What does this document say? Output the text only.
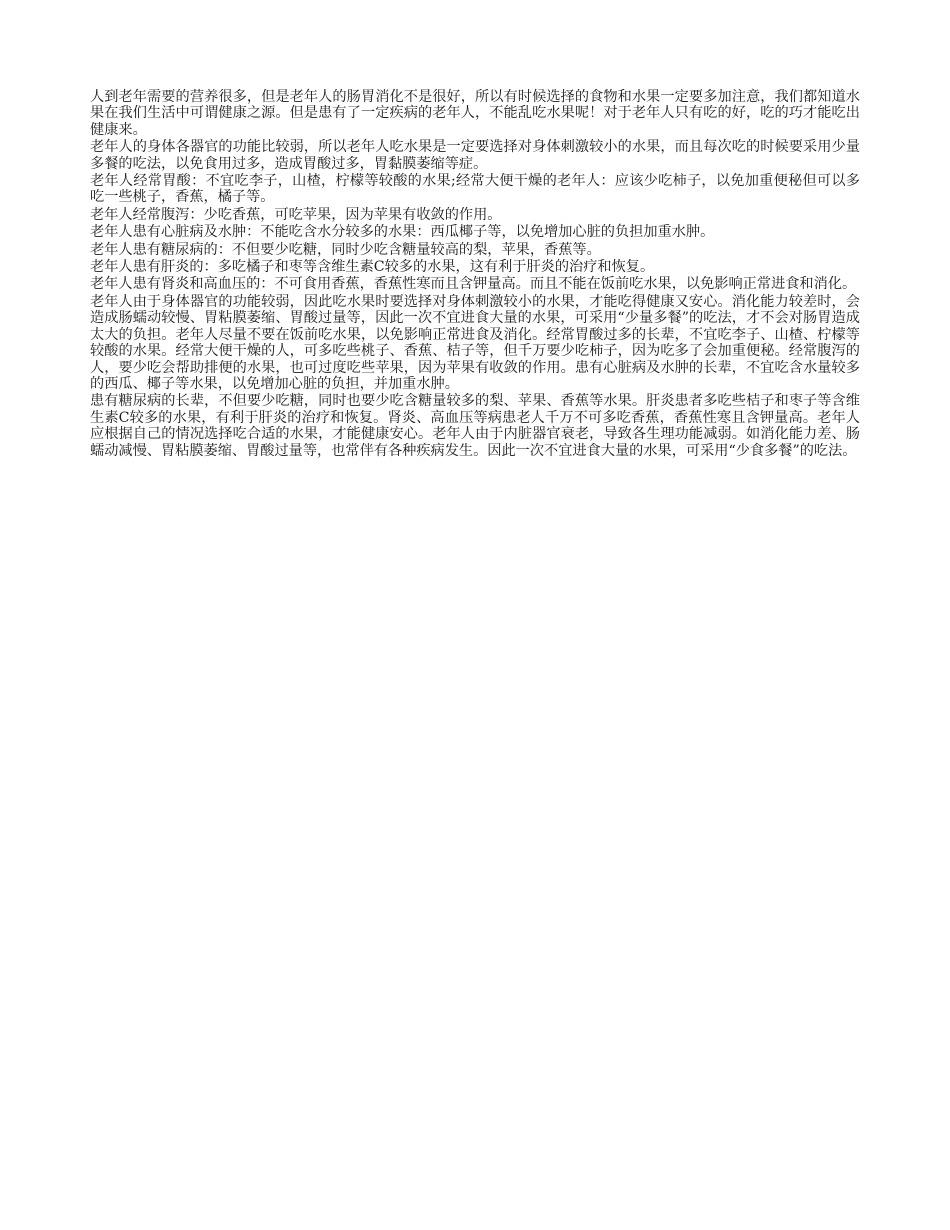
人到老年需要的营养很多，但是老年人的肠胃消化不是很好，所以有时候选择的食物和水果一定要多加注意，我们都知道水果在我们生活中可谓健康之源。但是患有了一定疾病的老年人，不能乱吃水果呢！对于老年人只有吃的好，吃的巧才能吃出健康来。

老年人的身体各器官的功能比较弱，所以老年人吃水果是一定要选择对身体刺激较小的水果，而且每次吃的时候要采用少量多餐的吃法，以免食用过多，造成胃酸过多，胃黏膜萎缩等症。

老年人经常胃酸：不宜吃李子，山楂，柠檬等较酸的水果;经常大便干燥的老年人：应该少吃柿子，以免加重便秘但可以多吃一些桃子，香蕉，橘子等。

老年人经常腹泻：少吃香蕉，可吃苹果，因为苹果有收敛的作用。

老年人患有心脏病及水肿：不能吃含水分较多的水果：西瓜椰子等，以免增加心脏的负担加重水肿。

老年人患有糖尿病的：不但要少吃糖，同时少吃含糖量较高的梨，苹果，香蕉等。

老年人患有肝炎的：多吃橘子和枣等含维生素C较多的水果，这有利于肝炎的治疗和恢复。

老年人患有肾炎和高血压的：不可食用香蕉，香蕉性寒而且含钾量高。而且不能在饭前吃水果，以免影响正常进食和消化。

老年人由于身体器官的功能较弱，因此吃水果时要选择对身体刺激较小的水果，才能吃得健康又安心。消化能力较差时，会造成肠蠕动较慢、胃粘膜萎缩、胃酸过量等，因此一次不宜进食大量的水果，可采用“少量多餐”的吃法，才不会对肠胃造成太大的负担。老年人尽量不要在饭前吃水果，以免影响正常进食及消化。经常胃酸过多的长辈，不宜吃李子、山楂、柠檬等较酸的水果。经常大便干燥的人，可多吃些桃子、香蕉、桔子等，但千万要少吃柿子，因为吃多了会加重便秘。经常腹泻的人，要少吃会帮助排便的水果，也可过度吃些苹果，因为苹果有收敛的作用。患有心脏病及水肿的长辈，不宜吃含水量较多的西瓜、椰子等水果，以免增加心脏的负担，并加重水肿。

患有糖尿病的长辈，不但要少吃糖，同时也要少吃含糖量较多的梨、苹果、香蕉等水果。肝炎患者多吃些桔子和枣子等含维生素C较多的水果，有利于肝炎的治疗和恢复。肾炎、高血压等病患老人千万不可多吃香蕉，香蕉性寒且含钾量高。老年人应根据自己的情况选择吃合适的水果，才能健康安心。老年人由于内脏器官衰老，导致各生理功能减弱。如消化能力差、肠蠕动减慢、胃粘膜萎缩、胃酸过量等，也常伴有各种疾病发生。因此一次不宜进食大量的水果，可采用“少食多餐”的吃法。
